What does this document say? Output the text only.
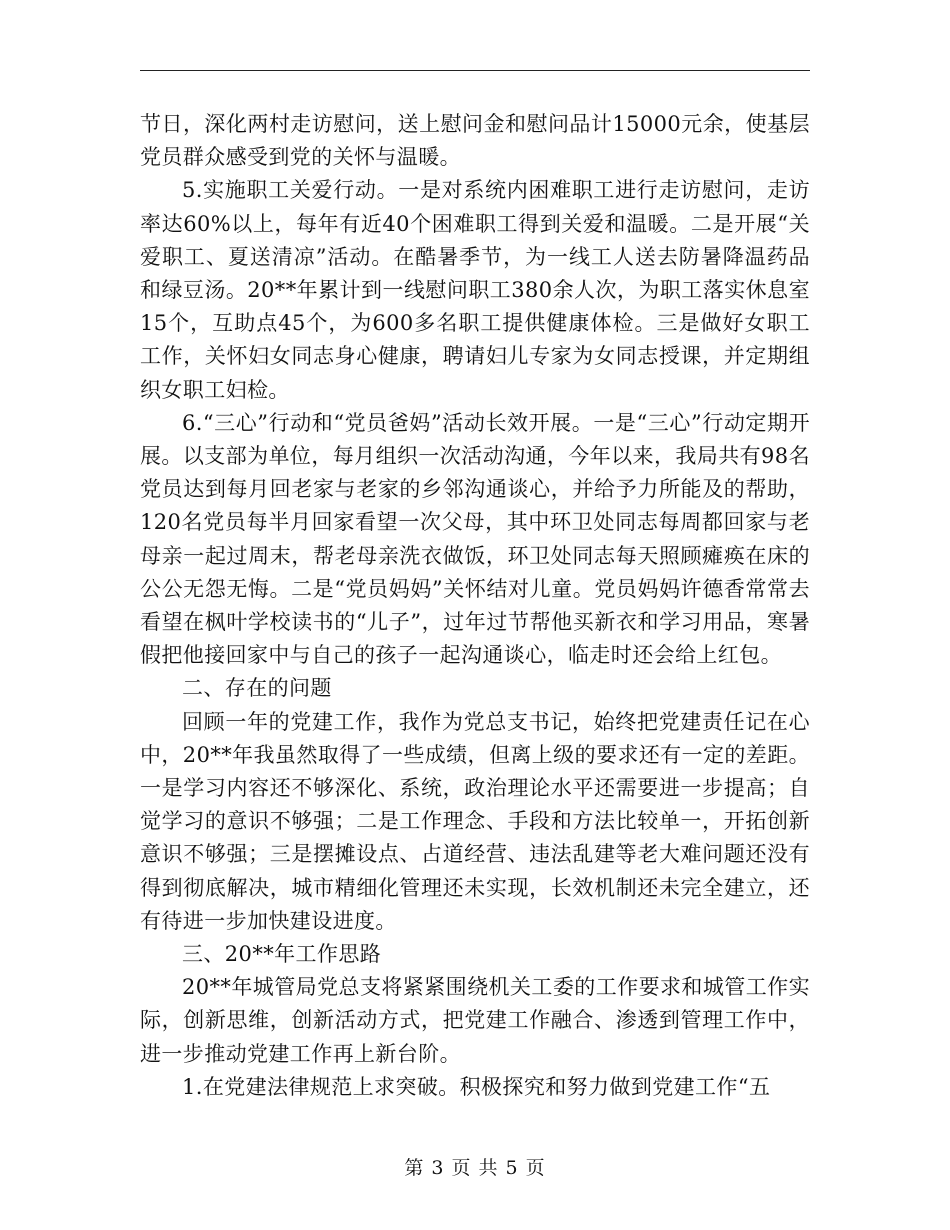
节日，深化两村走访慰问，送上慰问金和慰问品计15000元余，使基层党员群众感受到党的关怀与温暖。

5.实施职工关爱行动。一是对系统内困难职工进行走访慰问，走访率达60%以上，每年有近40个困难职工得到关爱和温暖。二是开展“关爱职工、夏送清凉”活动。在酷暑季节，为一线工人送去防暑降温药品和绿豆汤。20**年累计到一线慰问职工380余人次，为职工落实休息室15个，互助点45个，为600多名职工提供健康体检。三是做好女职工工作，关怀妇女同志身心健康，聘请妇儿专家为女同志授课，并定期组织女职工妇检。

6.“三心”行动和“党员爸妈”活动长效开展。一是“三心”行动定期开展。以支部为单位，每月组织一次活动沟通，今年以来，我局共有98名党员达到每月回老家与老家的乡邻沟通谈心，并给予力所能及的帮助，120名党员每半月回家看望一次父母，其中环卫处同志每周都回家与老母亲一起过周末，帮老母亲洗衣做饭，环卫处同志每天照顾瘫痪在床的公公无怨无悔。二是“党员妈妈”关怀结对儿童。党员妈妈许德香常常去看望在枫叶学校读书的“儿子”，过年过节帮他买新衣和学习用品，寒暑假把他接回家中与自己的孩子一起沟通谈心，临走时还会给上红包。

二、存在的问题

回顾一年的党建工作，我作为党总支书记，始终把党建责任记在心中，20**年我虽然取得了一些成绩，但离上级的要求还有一定的差距。一是学习内容还不够深化、系统，政治理论水平还需要进一步提高；自觉学习的意识不够强；二是工作理念、手段和方法比较单一，开拓创新意识不够强；三是摆摊设点、占道经营、违法乱建等老大难问题还没有得到彻底解决，城市精细化管理还未实现，长效机制还未完全建立，还有待进一步加快建设进度。

三、20**年工作思路

20**年城管局党总支将紧紧围绕机关工委的工作要求和城管工作实际，创新思维，创新活动方式，把党建工作融合、渗透到管理工作中，进一步推动党建工作再上新台阶。

1.在党建法律规范上求突破。积极探究和努力做到党建工作“五

第 3 页 共 5 页
